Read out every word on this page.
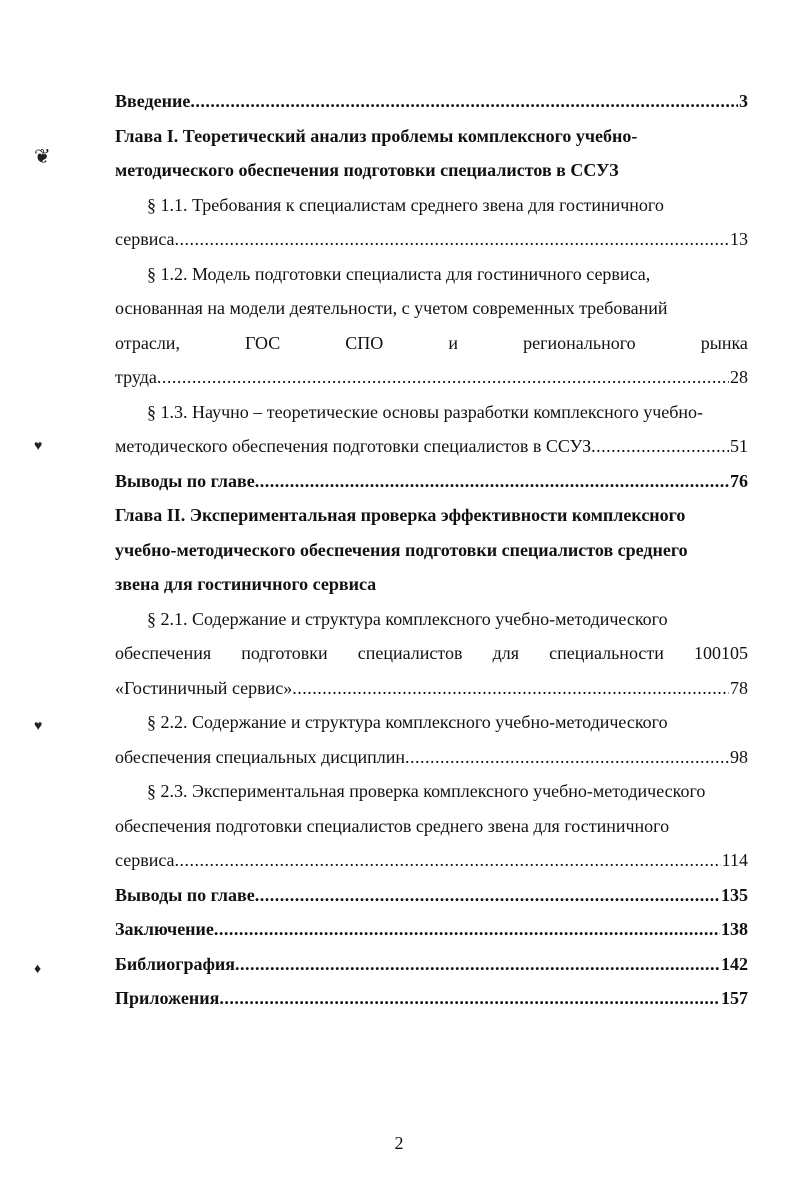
❦
♥
♥
♦
Введение .....	3
Глава I. Теоретический анализ проблемы комплексного учебно-
методического обеспечения подготовки специалистов в ССУЗ
§ 1.1. Требования к специалистам среднего звена для гостиничного
сервиса .....	13
§ 1.2. Модель подготовки специалиста для гостиничного сервиса,
основанная на модели деятельности, с учетом современных требований
отрасли,	ГОС	СПО	и	регионального	рынка
труда .....	28
§ 1.3. Научно – теоретические основы разработки комплексного учебно-
методического обеспечения подготовки специалистов в ССУЗ .....	51
Выводы по главе .....	76
Глава II. Экспериментальная проверка эффективности комплексного
учебно-методического обеспечения подготовки специалистов среднего
звена для гостиничного сервиса
§ 2.1. Содержание и структура комплексного учебно-методического
обеспечения подготовки специалистов для специальности 100105
«Гостиничный сервис» .....	78
§ 2.2. Содержание и структура комплексного учебно-методического
обеспечения специальных дисциплин .....	98
§ 2.3. Экспериментальная проверка комплексного учебно-методического
обеспечения подготовки специалистов среднего звена для гостиничного
сервиса .....	114
Выводы по главе .....	135
Заключение .....	138
Библиография .....	142
Приложения .....	157
2
